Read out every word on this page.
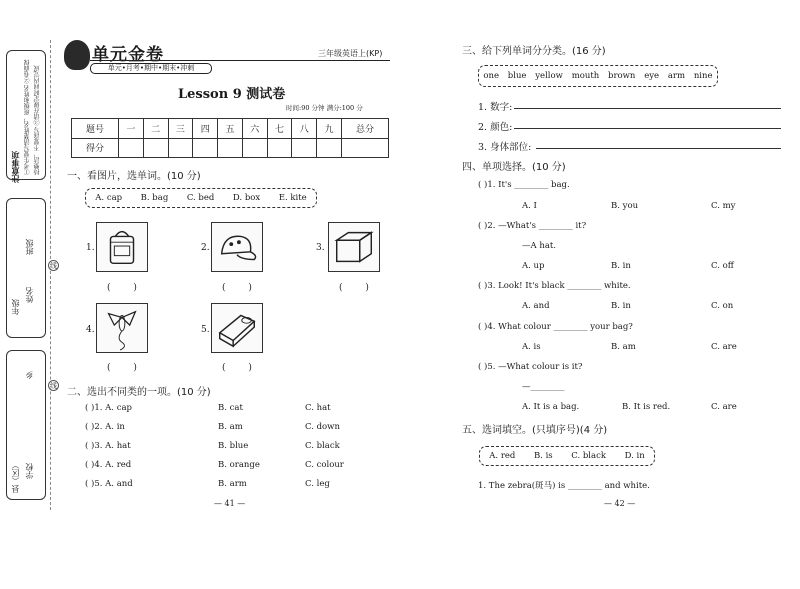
注意事项 ①考生要写清楚姓名，班级和姓名 ②卷面保持整洁，不要涂写 ③请在规定时间内完成
年级
姓名
班级
县（区） 学校
乡
线
线
单元金卷
单元•月考•期中•期末•冲刺
三年级英语上(KP)
Lesson 9 测试卷
时间:90 分钟 满分:100 分
题号	一	二	三	四	五	六	七	八	九	总分
得分										
一、看图片，选单词。(10 分)
A. cap B. bag C. bed D. box E. kite
1.
( )
2.
( )
3.
( )
4.
( )
5.
( )
二、选出不同类的一项。(10 分)
( )1. A. cap	B. cat	C. hat
( )2. A. in	B. am	C. down
( )3. A. hat	B. blue	C. black
( )4. A. red	B. orange	C. colour
( )5. A. and	B. arm	C. leg
— 41 —
三、给下列单词分分类。(16 分)
one blue yellow mouth brown eye arm nine
1. 数字:
2. 颜色:
3. 身体部位:
四、单项选择。(10 分)
( )1. It's ________ bag.
A. I	B. you	C. my
( )2. —What's ________ it?
—A hat.
A. up	B. in	C. off
( )3. Look! It's black ________ white.
A. and	B. in	C. on
( )4. What colour ________ your bag?
A. is	B. am	C. are
( )5. —What colour is it?
—________
A. It is a bag.	B. It is red.	C. are
五、选词填空。(只填序号)(4 分)
A. red B. is C. black D. in
1. The zebra(斑马) is ________ and white.
— 42 —
